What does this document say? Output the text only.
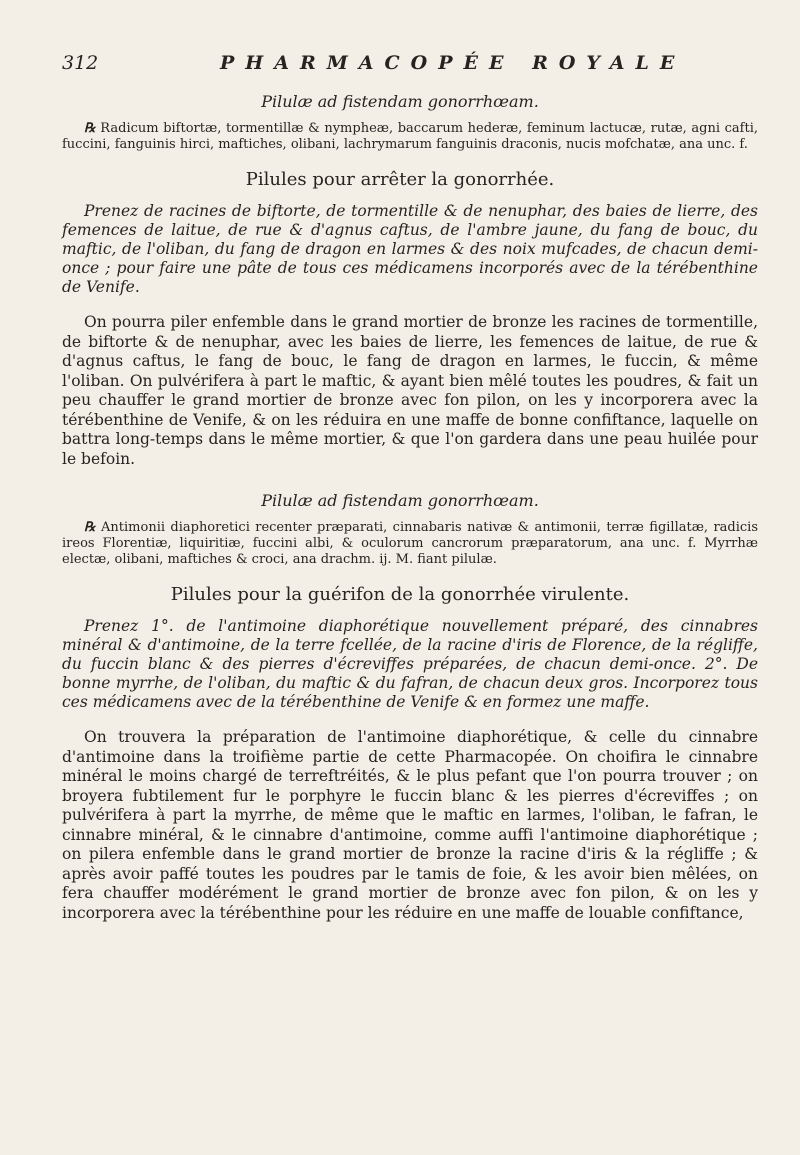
312	PHARMACOPÉE ROYALE
Pilulæ ad fistendam gonorrhœam.
℞ Radicum biftortæ, tormentillæ & nympheæ, baccarum hederæ, feminum lactucæ, rutæ, agni cafti, fuccini, fanguinis hirci, maftiches, olibani, lachrymarum fanguinis draconis, nucis mofchatæ, ana unc. f.
Pilules pour arrêter la gonorrhée.
Prenez de racines de biftorte, de tormentille & de nenuphar, des baies de lierre, des femences de laitue, de rue & d'agnus caftus, de l'ambre jaune, du fang de bouc, du maftic, de l'oliban, du fang de dragon en larmes & des noix mufcades, de chacun demi-once ; pour faire une pâte de tous ces médicamens incorporés avec de la térébenthine de Venife.
On pourra piler enfemble dans le grand mortier de bronze les racines de tormentille, de biftorte & de nenuphar, avec les baies de lierre, les femences de laitue, de rue & d'agnus caftus, le fang de bouc, le fang de dragon en larmes, le fuccin, & même l'oliban. On pulvérifera à part le maftic, & ayant bien mêlé toutes les poudres, & fait un peu chauffer le grand mortier de bronze avec fon pilon, on les y incorporera avec la térébenthine de Venife, & on les réduira en une maffe de bonne confiftance, laquelle on battra long-temps dans le même mortier, & que l'on gardera dans une peau huilée pour le befoin.
Pilulæ ad fistendam gonorrhœam.
℞ Antimonii diaphoretici recenter præparati, cinnabaris nativæ & antimonii, terræ figillatæ, radicis ireos Florentiæ, liquiritiæ, fuccini albi, & oculorum cancrorum præparatorum, ana unc. f. Myrrhæ electæ, olibani, maftiches & croci, ana drachm. ij. M. fiant pilulæ.
Pilules pour la guérifon de la gonorrhée virulente.
Prenez 1°. de l'antimoine diaphorétique nouvellement préparé, des cinnabres minéral & d'antimoine, de la terre fcellée, de la racine d'iris de Florence, de la régliffe, du fuccin blanc & des pierres d'écreviffes préparées, de chacun demi-once. 2°. De bonne myrrhe, de l'oliban, du maftic & du fafran, de chacun deux gros. Incorporez tous ces médicamens avec de la térébenthine de Venife & en formez une maffe.
On trouvera la préparation de l'antimoine diaphorétique, & celle du cinnabre d'antimoine dans la troifième partie de cette Pharmacopée. On choifira le cinnabre minéral le moins chargé de terreftréités, & le plus pefant que l'on pourra trouver ; on broyera fubtilement fur le porphyre le fuccin blanc & les pierres d'écreviffes ; on pulvérifera à part la myrrhe, de même que le maftic en larmes, l'oliban, le fafran, le cinnabre minéral, & le cinnabre d'antimoine, comme auffi l'antimoine diaphorétique ; on pilera enfemble dans le grand mortier de bronze la racine d'iris & la régliffe ; & après avoir paffé toutes les poudres par le tamis de foie, & les avoir bien mêlées, on fera chauffer modérément le grand mortier de bronze avec fon pilon, & on les y incorporera avec la térébenthine pour les réduire en une maffe de louable confiftance,
